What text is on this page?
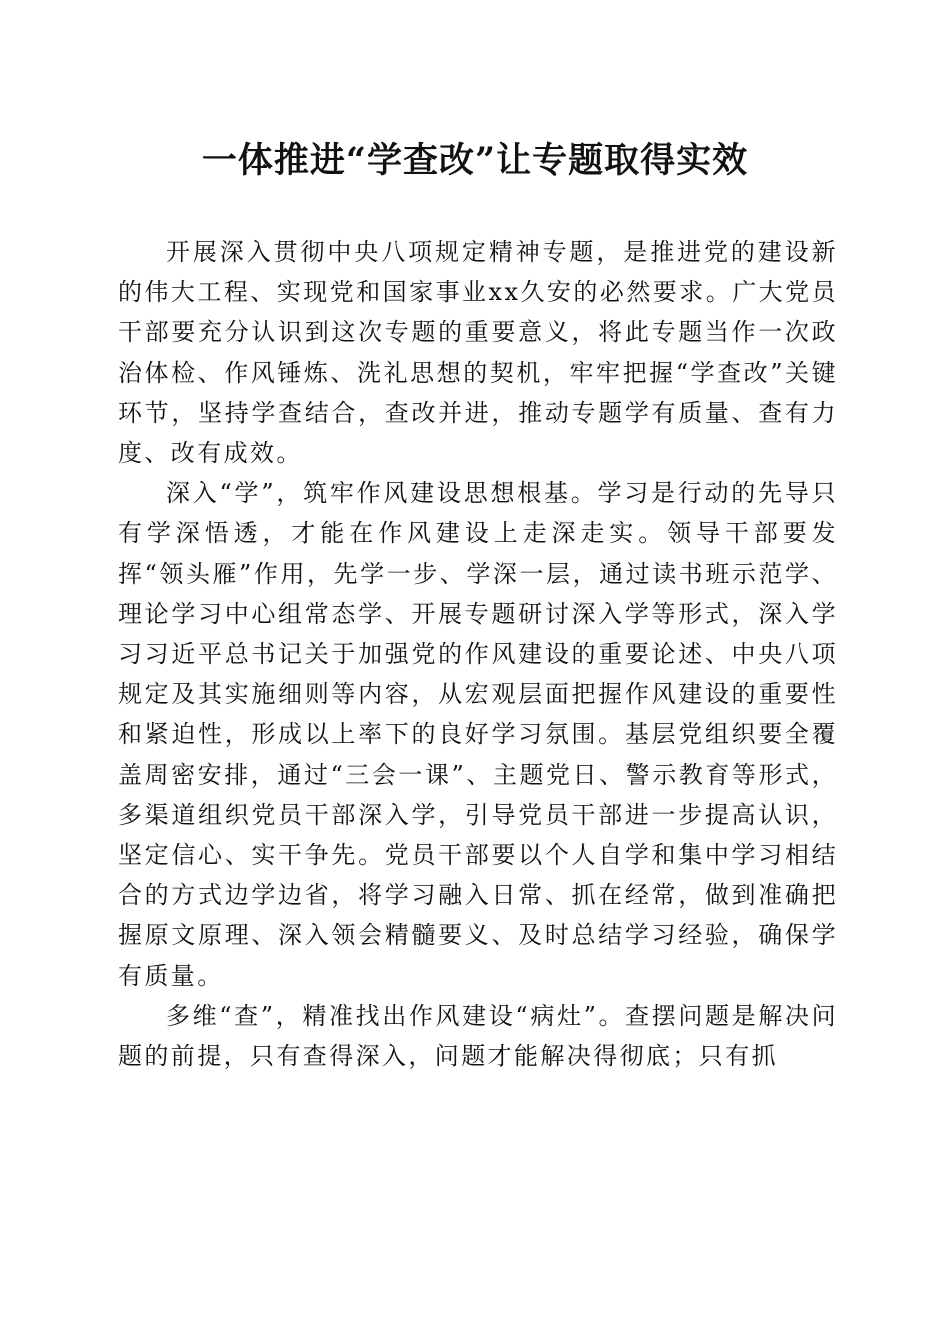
一体推进“学查改”让专题取得实效

开展深入贯彻中央八项规定精神专题，是推进党的建设新的伟大工程、实现党和国家事业xx久安的必然要求。广大党员干部要充分认识到这次专题的重要意义，将此专题当作一次政治体检、作风锤炼、洗礼思想的契机，牢牢把握“学查改”关键环节，坚持学查结合，查改并进，推动专题学有质量、查有力度、改有成效。

深入“学”，筑牢作风建设思想根基。学习是行动的先导只有学深悟透，才能在作风建设上走深走实。领导干部要发挥“领头雁”作用，先学一步、学深一层，通过读书班示范学、理论学习中心组常态学、开展专题研讨深入学等形式，深入学习习近平总书记关于加强党的作风建设的重要论述、中央八项规定及其实施细则等内容，从宏观层面把握作风建设的重要性和紧迫性，形成以上率下的良好学习氛围。基层党组织要全覆盖周密安排，通过“三会一课”、主题党日、警示教育等形式，多渠道组织党员干部深入学，引导党员干部进一步提高认识，坚定信心、实干争先。党员干部要以个人自学和集中学习相结合的方式边学边省，将学习融入日常、抓在经常，做到准确把握原文原理、深入领会精髓要义、及时总结学习经验，确保学有质量。

多维“查”，精准找出作风建设“病灶”。查摆问题是解决问题的前提，只有查得深入，问题才能解决得彻底；只有抓
